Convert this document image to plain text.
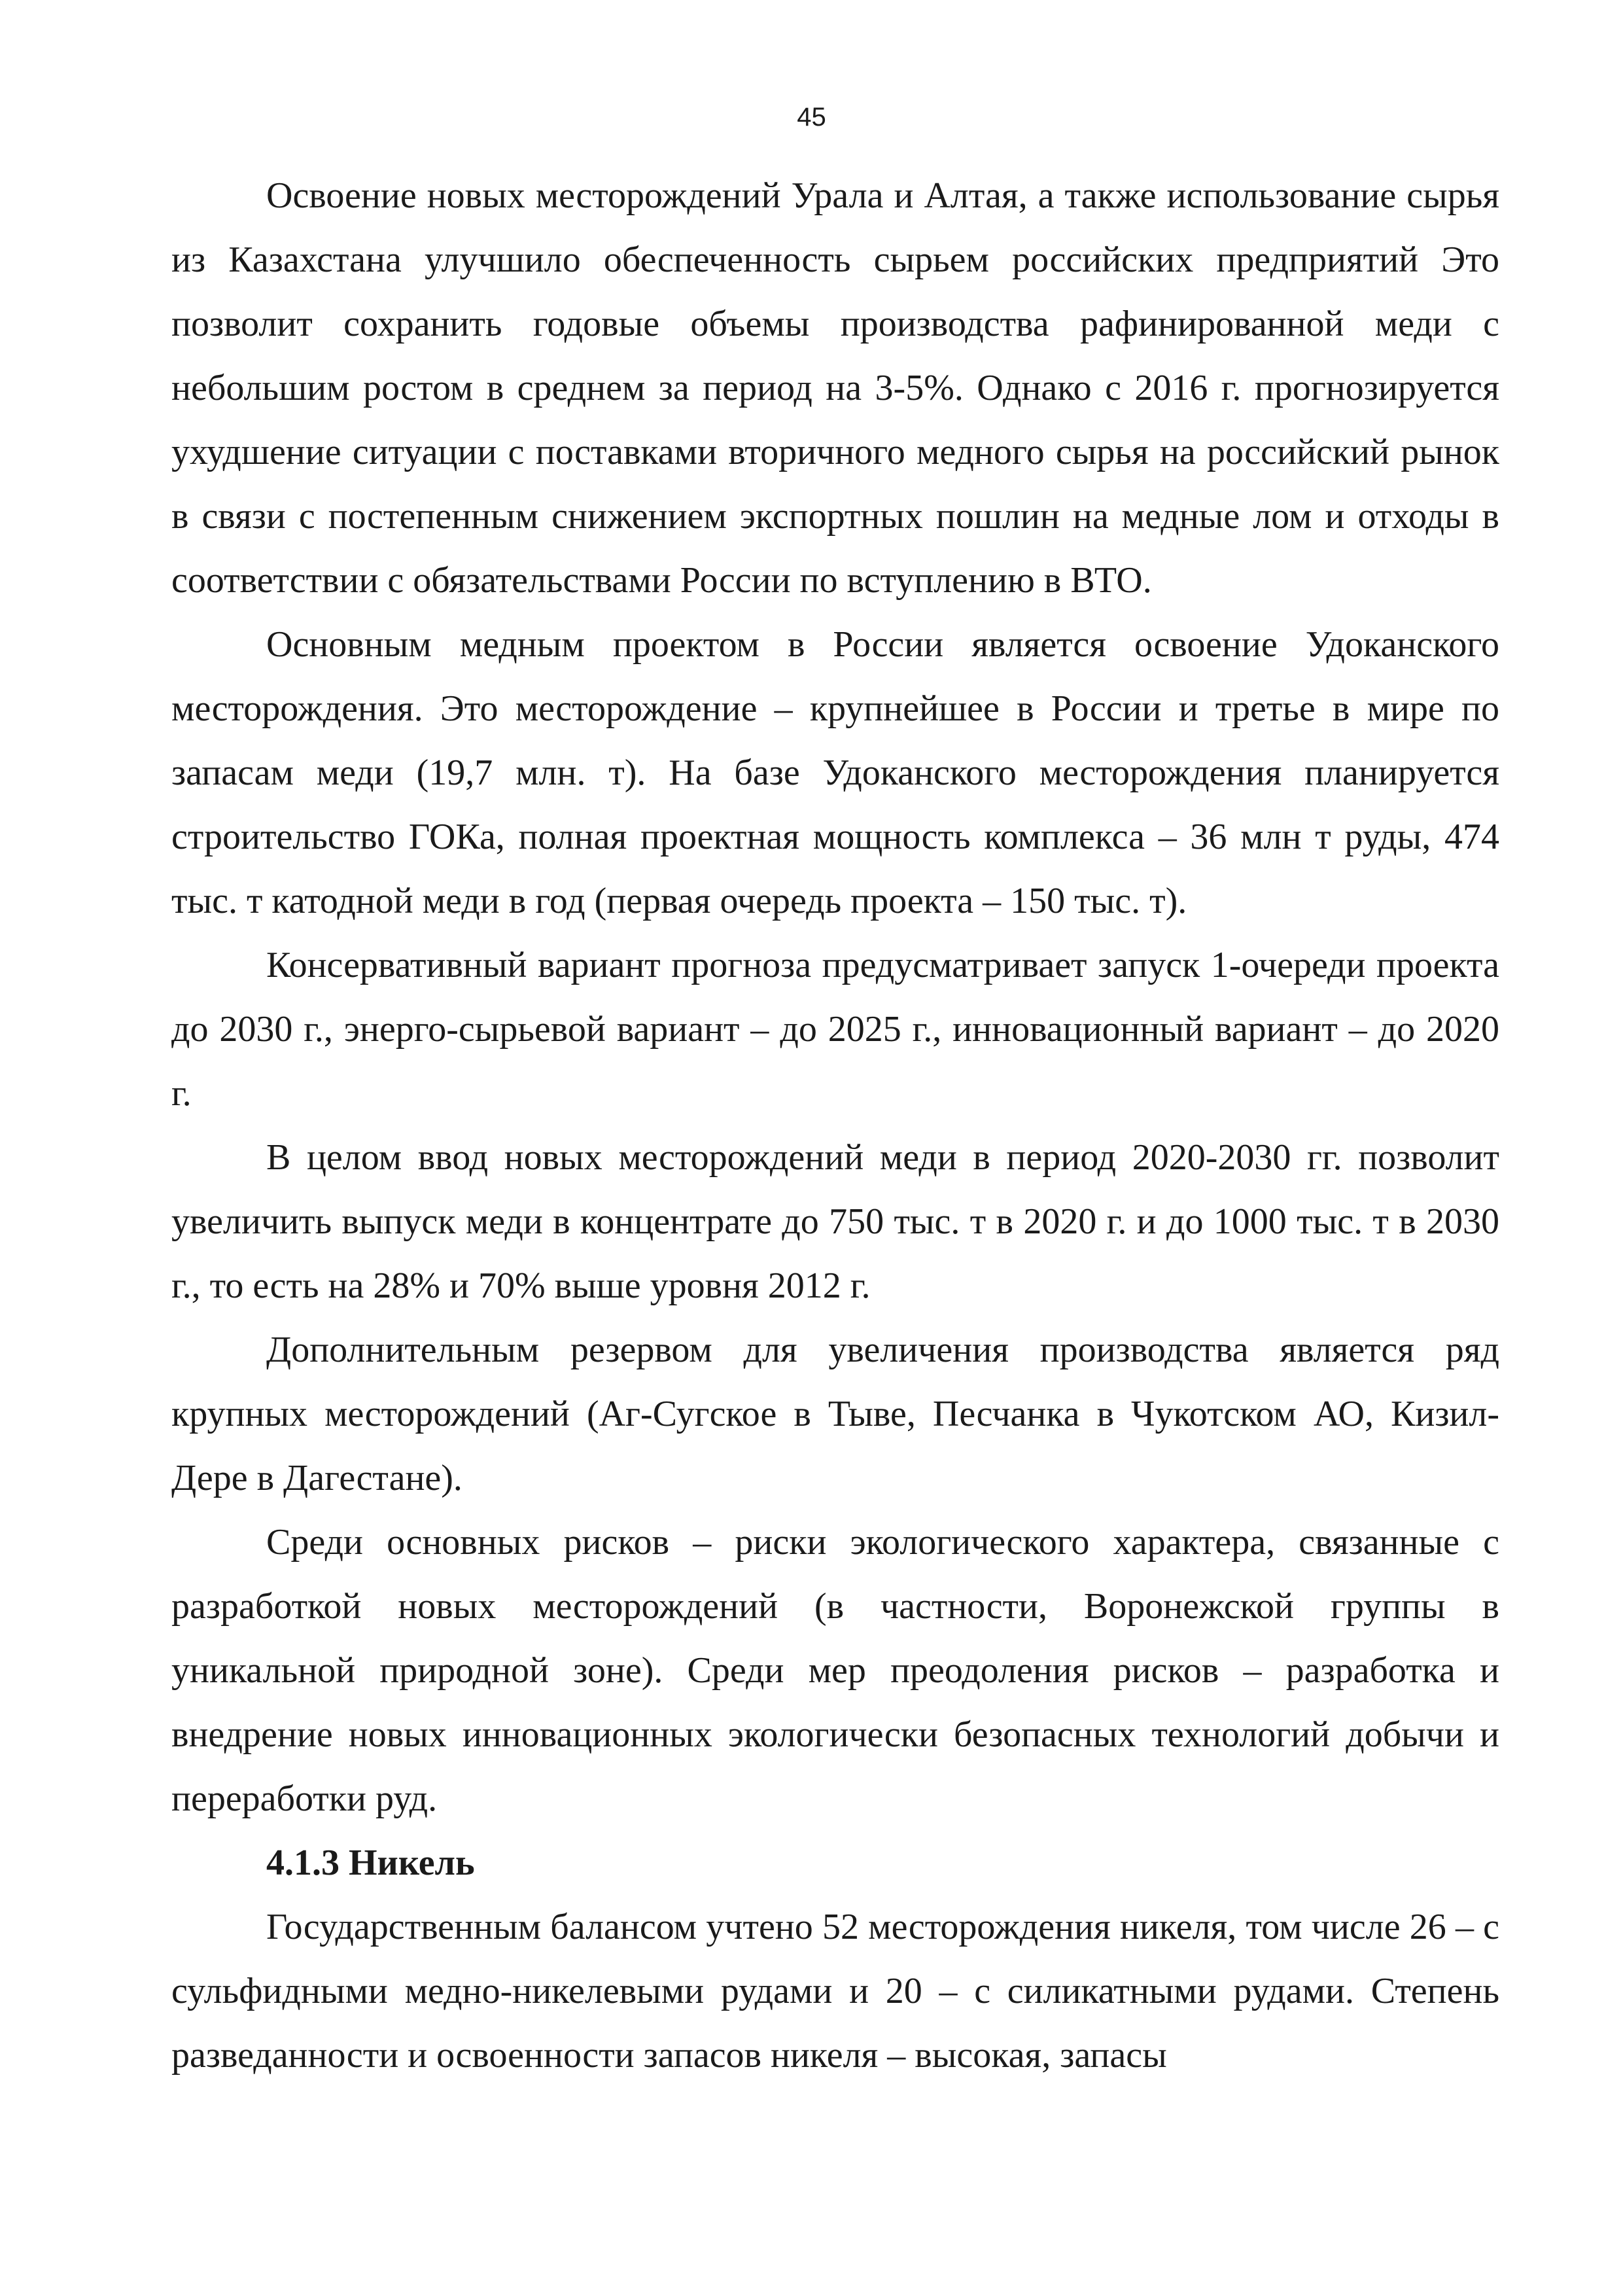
45

Освоение новых месторождений Урала и Алтая, а также использование сырья из Казахстана улучшило обеспеченность сырьем российских предприятий Это позволит сохранить годовые объемы производства рафинированной меди с небольшим ростом в среднем за период на 3-5%. Однако с 2016 г. прогнозируется ухудшение ситуации с поставками вторичного медного сырья на российский рынок в связи с постепенным снижением экспортных пошлин на медные лом и отходы в соответствии с обязательствами России по вступлению в ВТО.

Основным медным проектом в России является освоение Удоканского месторождения. Это месторождение – крупнейшее в России и третье в мире по запасам меди (19,7 млн. т). На базе Удоканского месторождения планируется строительство ГОКа, полная проектная мощность комплекса – 36 млн т руды, 474 тыс. т катодной меди в год (первая очередь проекта – 150 тыс. т).

Консервативный вариант прогноза предусматривает запуск 1-очереди проекта до 2030 г., энерго-сырьевой вариант – до 2025 г., инновационный вариант – до 2020 г.

В целом ввод новых месторождений меди в период 2020-2030 гг. позволит увеличить выпуск меди в концентрате до 750 тыс. т в 2020 г. и до 1000 тыс. т в 2030 г., то есть на 28% и 70% выше уровня 2012 г.

Дополнительным резервом для увеличения производства является ряд крупных месторождений (Аг-Сугское в Тыве, Песчанка в Чукотском АО, Кизил-Дере в Дагестане).

Среди основных рисков – риски экологического характера, связанные с разработкой новых месторождений (в частности, Воронежской группы в уникальной природной зоне). Среди мер преодоления рисков – разработка и внедрение новых инновационных экологически безопасных технологий добычи и переработки руд.

4.1.3 Никель

Государственным балансом учтено 52 месторождения никеля, том числе 26 – с сульфидными медно-никелевыми рудами и 20 – с силикатными рудами. Степень разведанности и освоенности запасов никеля – высокая, запасы
